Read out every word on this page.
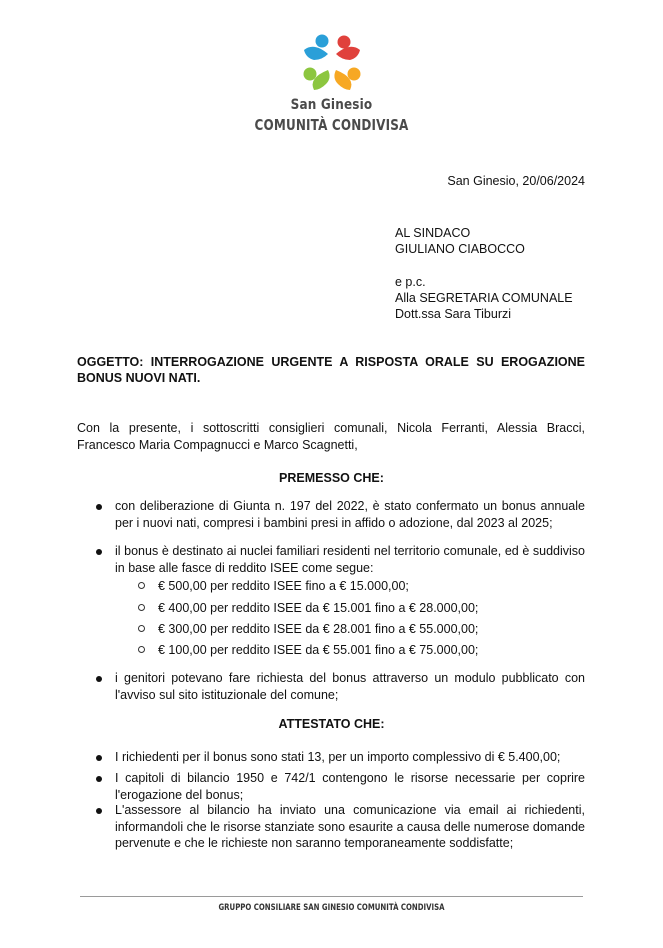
San Ginesio
COMUNITÀ CONDIVISA
San Ginesio, 20/06/2024
AL SINDACO
GIULIANO CIABOCCO
e p.c.
Alla SEGRETARIA COMUNALE
Dott.ssa Sara Tiburzi
OGGETTO: INTERROGAZIONE URGENTE A RISPOSTA ORALE SU EROGAZIONE BONUS NUOVI NATI.
Con la presente, i sottoscritti consiglieri comunali, Nicola Ferranti, Alessia Bracci, Francesco Maria Compagnucci e Marco Scagnetti,
PREMESSO CHE:
con deliberazione di Giunta n. 197 del 2022, è stato confermato un bonus annuale per i nuovi nati, compresi i bambini presi in affido o adozione, dal 2023 al 2025;
il bonus è destinato ai nuclei familiari residenti nel territorio comunale, ed è suddiviso in base alle fasce di reddito ISEE come segue:
€ 500,00 per reddito ISEE fino a € 15.000,00;
€ 400,00 per reddito ISEE da € 15.001 fino a € 28.000,00;
€ 300,00 per reddito ISEE da € 28.001 fino a € 55.000,00;
€ 100,00 per reddito ISEE da € 55.001 fino a € 75.000,00;
i genitori potevano fare richiesta del bonus attraverso un modulo pubblicato con l'avviso sul sito istituzionale del comune;
ATTESTATO CHE:
I richiedenti per il bonus sono stati 13, per un importo complessivo di € 5.400,00;
I capitoli di bilancio 1950 e 742/1 contengono le risorse necessarie per coprire l'erogazione del bonus;
L'assessore al bilancio ha inviato una comunicazione via email ai richiedenti, informandoli che le risorse stanziate sono esaurite a causa delle numerose domande pervenute e che le richieste non saranno temporaneamente soddisfatte;
GRUPPO CONSILIARE SAN GINESIO COMUNITÀ CONDIVISA
